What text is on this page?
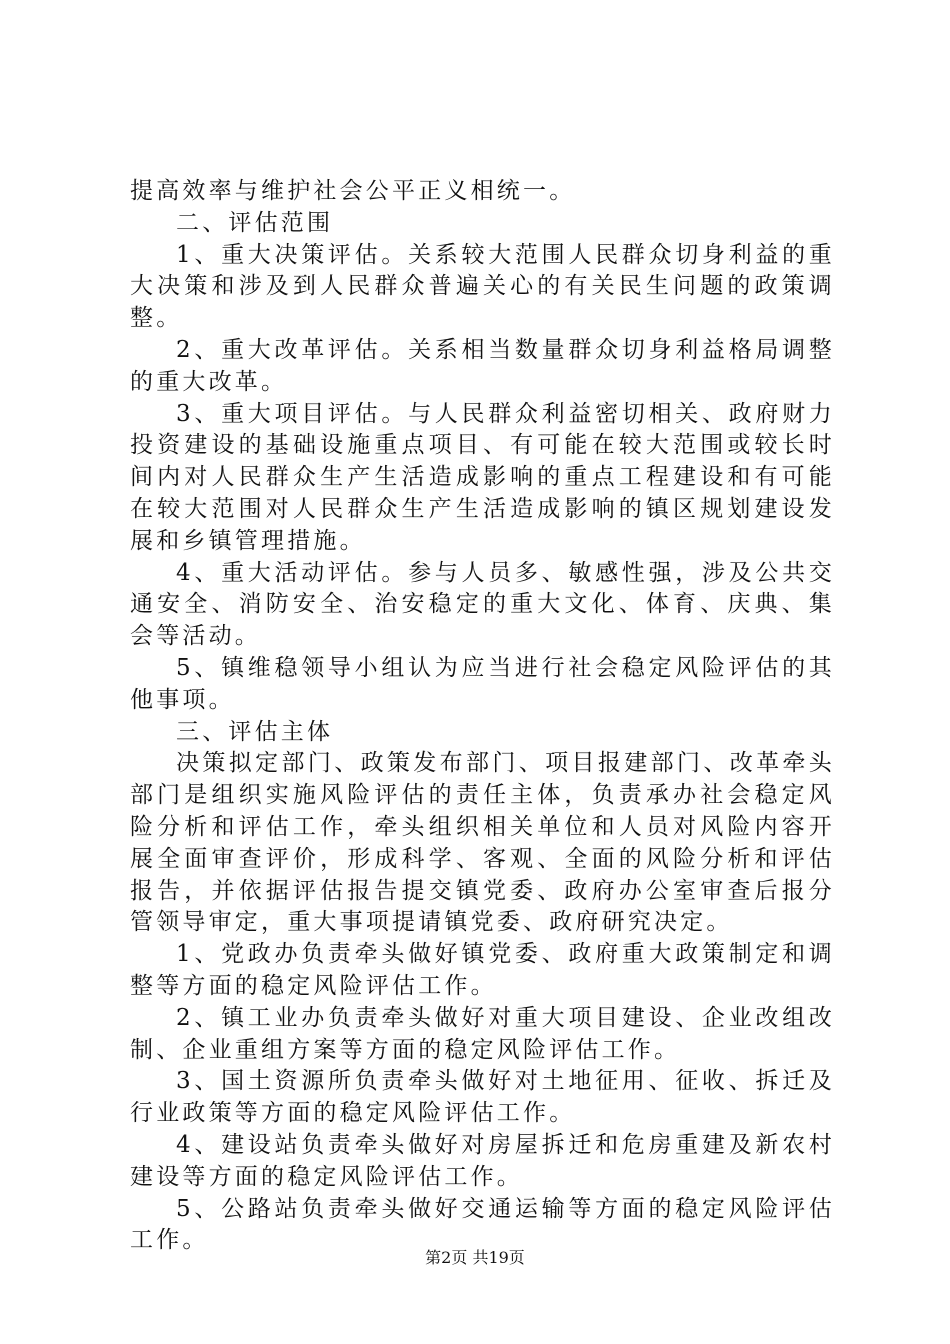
提高效率与维护社会公平正义相统一。

二、评估范围

1、重大决策评估。关系较大范围人民群众切身利益的重大决策和涉及到人民群众普遍关心的有关民生问题的政策调整。

2、重大改革评估。关系相当数量群众切身利益格局调整的重大改革。

3、重大项目评估。与人民群众利益密切相关、政府财力投资建设的基础设施重点项目、有可能在较大范围或较长时间内对人民群众生产生活造成影响的重点工程建设和有可能在较大范围对人民群众生产生活造成影响的镇区规划建设发展和乡镇管理措施。

4、重大活动评估。参与人员多、敏感性强，涉及公共交通安全、消防安全、治安稳定的重大文化、体育、庆典、集会等活动。

5、镇维稳领导小组认为应当进行社会稳定风险评估的其他事项。

三、评估主体

决策拟定部门、政策发布部门、项目报建部门、改革牵头部门是组织实施风险评估的责任主体，负责承办社会稳定风险分析和评估工作，牵头组织相关单位和人员对风险内容开展全面审查评价，形成科学、客观、全面的风险分析和评估报告，并依据评估报告提交镇党委、政府办公室审查后报分管领导审定，重大事项提请镇党委、政府研究决定。

1、党政办负责牵头做好镇党委、政府重大政策制定和调整等方面的稳定风险评估工作。

2、镇工业办负责牵头做好对重大项目建设、企业改组改制、企业重组方案等方面的稳定风险评估工作。

3、国土资源所负责牵头做好对土地征用、征收、拆迁及行业政策等方面的稳定风险评估工作。

4、建设站负责牵头做好对房屋拆迁和危房重建及新农村建设等方面的稳定风险评估工作。

5、公路站负责牵头做好交通运输等方面的稳定风险评估工作。

第2页 共19页
